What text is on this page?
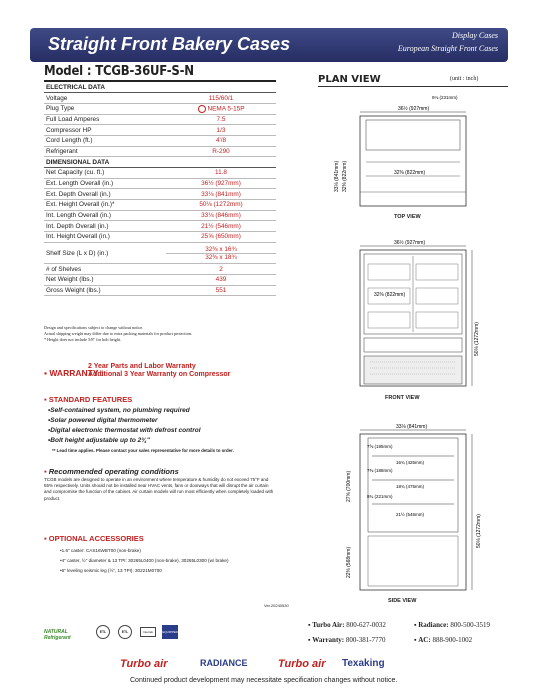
Straight Front Bakery Cases	Display Cases
European Straight Front Cases
Model : TCGB-36UF-S-N
ELECTRICAL DATA	
Voltage	115/60/1
Plug Type	NEMA 5-15P
Full Load Amperes	7.5
Compressor HP	1/3
Cord Length (ft.)	4'/8
Refrigerant	R-290
DIMENSIONAL DATA	
Net Capacity (cu. ft.)	11.8
Ext. Length Overall (in.)	36½ (927mm)
Ext. Depth Overall (in.)	33⅛ (841mm)
Ext. Height Overall (in.)*	50⅛ (1272mm)
Int. Length Overall (in.)	33⅛ (846mm)
Int. Depth Overall (in.)	21½ (546mm)
Int. Height Overall (in.)	25⅝ (650mm)
Shelf Size (L x D) (in.)	32⅜ x 16¾
32⅜ x 18¾

# of Shelves	2
Net Weight (lbs.)	439
Gross Weight (lbs.)	551
Design and specifications subject to change without notice.
Actual shipping weight may differ due to extra packing materials for product protection.
* Height does not include 5/8" for bolt height.
▪ WARRANTY :
2 Year Parts and Labor Warranty
Additional 3 Year Warranty on Compressor
▪ STANDARD FEATURES
• Self-contained system, no plumbing required
• Solar powered digital thermometer
• Digital electronic thermostat with defrost control
• Bolt height adjustable up to 2¾"
** Lead time applies. Please contact your sales representative for more details to order.
▪ Recommended operating conditions
TCGB models are designed to operate in an environment where temperature & humidity do not exceed 75°F and 55% respectively. Units should not be installed near HVAC vents, fans or doorways that will disrupt the air curtain and compromise the function of the cabinet. Air curtain models will run most efficiently when completely loaded with product.
▪ OPTIONAL ACCESSORIES
• 1.6" caster: CAS16WBT00 (non-brake)
• 4" caster, ½" diameter & 13 TPI: 30265L0400 (non-brake), 30265L0300 (w/ brake)
• 6" leveling seismic leg (½", 13 TPI): 30221M0700
Ver.20240530
NATURAL Refrigerant
ETL	ETL	Intertek	EQUIPPED
▪ Turbo Air: 800-627-0032	▪ Radiance: 800-500-3519
▪ Warranty: 800-381-7770	▪ AC: 888-900-1002
Turbo air	RADIANCE	Turbo air Texaking
Continued product development may necessitate specification changes without notice.
PLAN VIEW	(unit : inch)
36½ (927mm)
9⅛ (231mm)
32⅜ (822mm)
33⅛ (841mm) 32⅜ (822mm)
TOP VIEW
36½ (927mm)
32⅜ (822mm)
50⅛ (1272mm)
FRONT VIEW
33⅛ (841mm)
7⅝ (195mm)
16¾ (425mm)
7⅜ (188mm)
18¾ (475mm)
8¾ (221mm)
21½ (546mm)
27⅝ (700mm)
22⅜ (568mm)
50⅛ (1272mm)
SIDE VIEW
